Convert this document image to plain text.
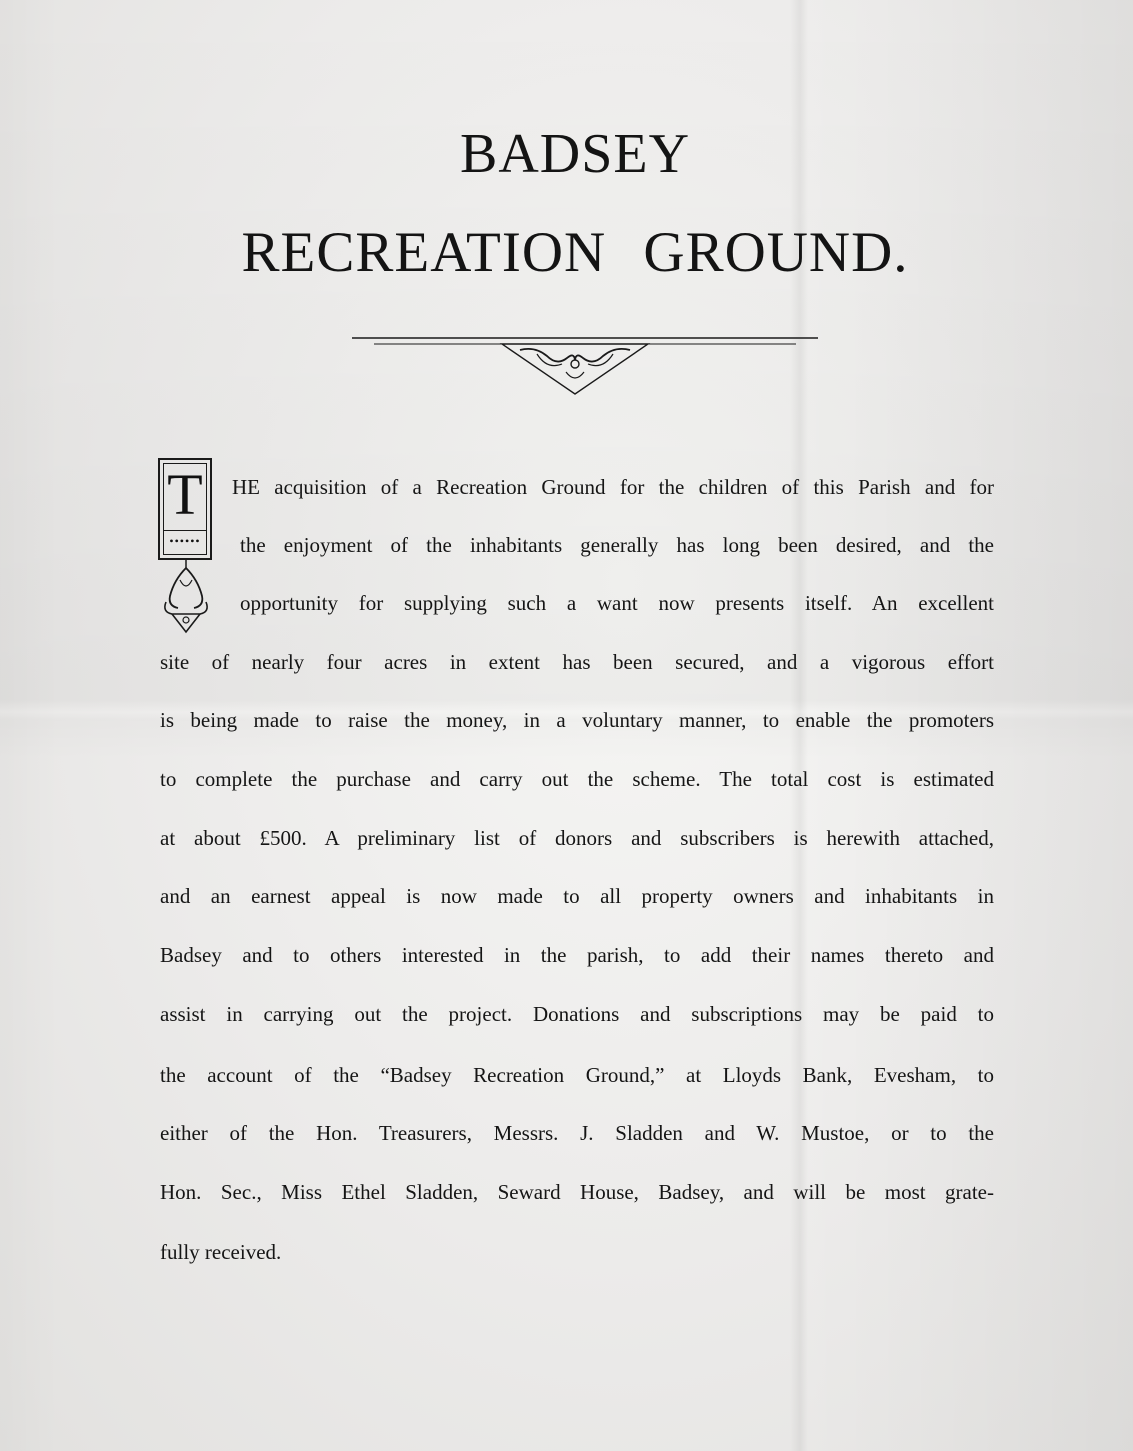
BADSEY
RECREATION GROUND.
T
••••••
HE acquisition of a Recreation Ground for the children of this Parish and for
the enjoyment of the inhabitants generally has long been desired, and the
opportunity for supplying such a want now presents itself. An excellent
site of nearly four acres in extent has been secured, and a vigorous effort
is being made to raise the money, in a voluntary manner, to enable the promoters
to complete the purchase and carry out the scheme. The total cost is estimated
at about £500. A preliminary list of donors and subscribers is herewith attached,
and an earnest appeal is now made to all property owners and inhabitants in
Badsey and to others interested in the parish, to add their names thereto and
assist in carrying out the project. Donations and subscriptions may be paid to
the account of the “Badsey Recreation Ground,” at Lloyds Bank, Evesham, to
either of the Hon. Treasurers, Messrs. J. Sladden and W. Mustoe, or to the
Hon. Sec., Miss Ethel Sladden, Seward House, Badsey, and will be most grate-
fully received.
